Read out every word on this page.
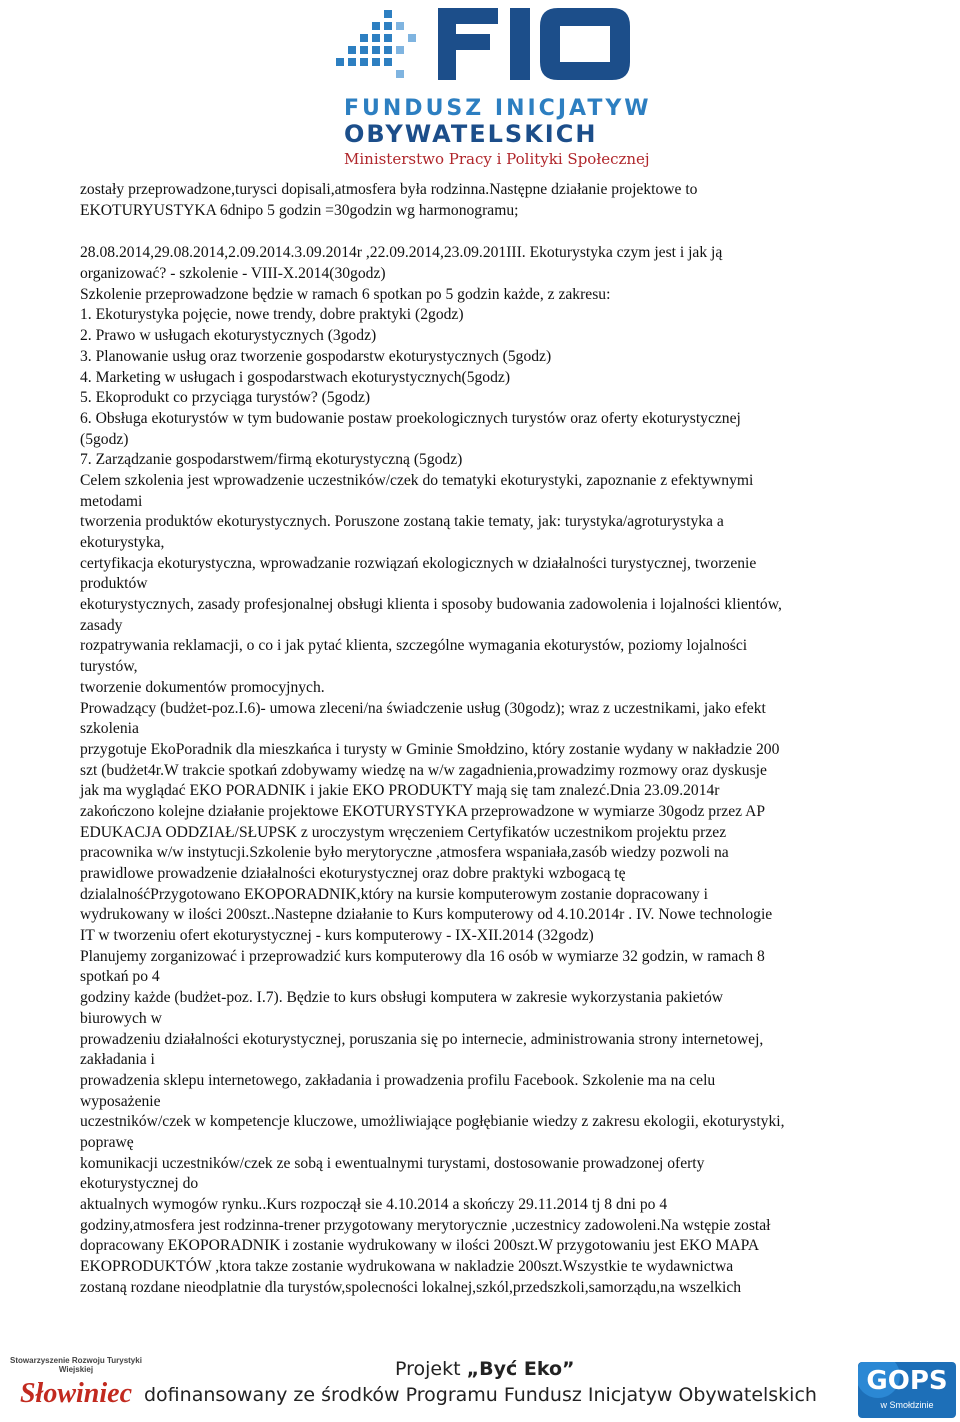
FUNDUSZ INICJATYW
OBYWATELSKICH
Ministerstwo Pracy i Polityki Społecznej
zostały przeprowadzone,turysci dopisali,atmosfera była rodzinna.Następne działanie projektowe to
EKOTURYUSTYKA 6dnipo 5 godzin =30godzin wg harmonogramu;
28.08.2014,29.08.2014,2.09.2014.3.09.2014r ,22.09.2014,23.09.201III. Ekoturystyka czym jest i jak ją
organizować? - szkolenie - VIII-X.2014(30godz)
Szkolenie przeprowadzone będzie w ramach 6 spotkan po 5 godzin każde, z zakresu:
1. Ekoturystyka pojęcie, nowe trendy, dobre praktyki (2godz)
2. Prawo w usługach ekoturystycznych (3godz)
3. Planowanie usług oraz tworzenie gospodarstw ekoturystycznych (5godz)
4. Marketing w usługach i gospodarstwach ekoturystycznych(5godz)
5. Ekoprodukt co przyciąga turystów? (5godz)
6. Obsługa ekoturystów w tym budowanie postaw proekologicznych turystów oraz oferty ekoturystycznej
(5godz)
7. Zarządzanie gospodarstwem/firmą ekoturystyczną (5godz)
Celem szkolenia jest wprowadzenie uczestników/czek do tematyki ekoturystyki, zapoznanie z efektywnymi
metodami
tworzenia produktów ekoturystycznych. Poruszone zostaną takie tematy, jak: turystyka/agroturystyka a
ekoturystyka,
certyfikacja ekoturystyczna, wprowadzanie rozwiązań ekologicznych w działalności turystycznej, tworzenie
produktów
ekoturystycznych, zasady profesjonalnej obsługi klienta i sposoby budowania zadowolenia i lojalności klientów,
zasady
rozpatrywania reklamacji, o co i jak pytać klienta, szczególne wymagania ekoturystów, poziomy lojalności
turystów,
tworzenie dokumentów promocyjnych.
Prowadzący (budżet-poz.I.6)- umowa zleceni/na świadczenie usług (30godz); wraz z uczestnikami, jako efekt
szkolenia
przygotuje EkoPoradnik dla mieszkańca i turysty w Gminie Smołdzino, który zostanie wydany w nakładzie 200
szt (budżet4r.W trakcie spotkań zdobywamy wiedzę na w/w zagadnienia,prowadzimy rozmowy oraz dyskusje
jak ma wyglądać EKO PORADNIK i jakie EKO PRODUKTY mają się tam znalezć.Dnia 23.09.2014r
zakończono kolejne działanie projektowe EKOTURYSTYKA przeprowadzone w wymiarze 30godz przez AP
EDUKACJA ODDZIAŁ/SŁUPSK z uroczystym wręczeniem Certyfikatów uczestnikom projektu przez
pracownika w/w instytucji.Szkolenie było merytoryczne ,atmosfera wspaniała,zasób wiedzy pozwoli na
prawidlowe prowadzenie działalności ekoturystycznej oraz dobre praktyki wzbogacą tę
dzialalnośćPrzygotowano EKOPORADNIK,który na kursie komputerowym zostanie dopracowany i
wydrukowany w ilości 200szt..Nastepne działanie to Kurs komputerowy od 4.10.2014r . IV. Nowe technologie
IT w tworzeniu ofert ekoturystycznej - kurs komputerowy - IX-XII.2014 (32godz)
Planujemy zorganizować i przeprowadzić kurs komputerowy dla 16 osób w wymiarze 32 godzin, w ramach 8
spotkań po 4
godziny każde (budżet-poz. I.7). Będzie to kurs obsługi komputera w zakresie wykorzystania pakietów
biurowych w
prowadzeniu działalności ekoturystycznej, poruszania się po internecie, administrowania strony internetowej,
zakładania i
prowadzenia sklepu internetowego, zakładania i prowadzenia profilu Facebook. Szkolenie ma na celu
wyposażenie
uczestników/czek w kompetencje kluczowe, umożliwiające pogłębianie wiedzy z zakresu ekologii, ekoturystyki,
poprawę
komunikacji uczestników/czek ze sobą i ewentualnymi turystami, dostosowanie prowadzonej oferty
ekoturystycznej do
aktualnych wymogów rynku..Kurs rozpoczął sie 4.10.2014 a skończy 29.11.2014 tj 8 dni po 4
godziny,atmosfera jest rodzinna-trener przygotowany merytorycznie ,uczestnicy zadowoleni.Na wstępie został
dopracowany EKOPORADNIK i zostanie wydrukowany w ilości 200szt.W przygotowaniu jest EKO MAPA
EKOPRODUKTÓW ,ktora takze zostanie wydrukowana w nakladzie 200szt.Wszystkie te wydawnictwa
zostaną rozdane nieodplatnie dla turystów,spolecności lokalnej,szkól,przedszkoli,samorządu,na wszelkich
Stowarzyszenie Rozwoju Turystyki Wiejskiej
Słowiniec
Projekt „Być Eko”
dofinansowany ze środków Programu Fundusz Inicjatyw Obywatelskich	GOPS
w Smołdzinie
